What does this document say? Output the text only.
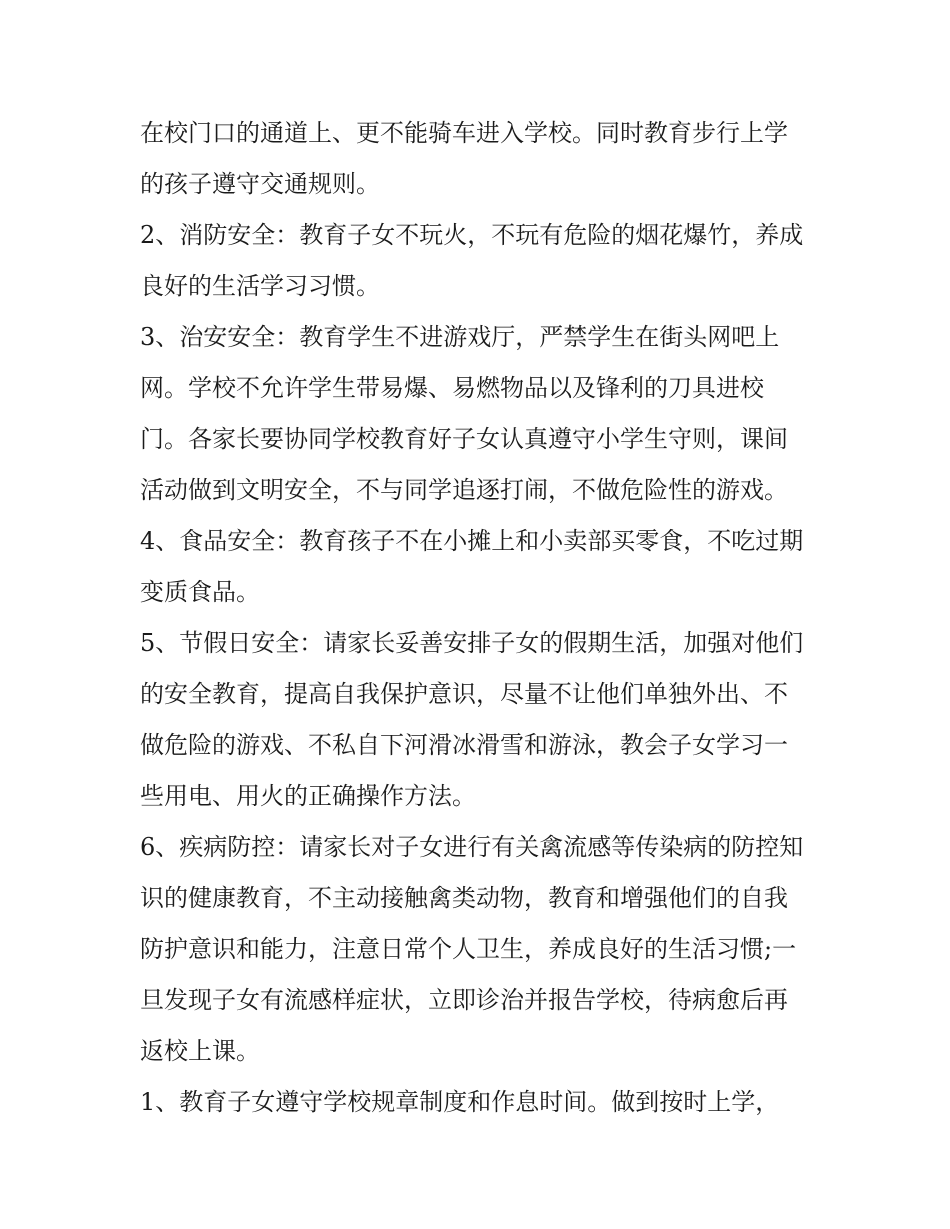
在校门口的通道上、更不能骑车进入学校。同时教育步行上学的孩子遵守交通规则。

2、消防安全：教育子女不玩火，不玩有危险的烟花爆竹，养成良好的生活学习习惯。

3、治安安全：教育学生不进游戏厅，严禁学生在街头网吧上网。学校不允许学生带易爆、易燃物品以及锋利的刀具进校门。各家长要协同学校教育好子女认真遵守小学生守则，课间活动做到文明安全，不与同学追逐打闹，不做危险性的游戏。

4、食品安全：教育孩子不在小摊上和小卖部买零食，不吃过期变质食品。

5、节假日安全：请家长妥善安排子女的假期生活，加强对他们的安全教育，提高自我保护意识，尽量不让他们单独外出、不做危险的游戏、不私自下河滑冰滑雪和游泳，教会子女学习一些用电、用火的正确操作方法。

6、疾病防控：请家长对子女进行有关禽流感等传染病的防控知识的健康教育，不主动接触禽类动物，教育和增强他们的自我防护意识和能力，注意日常个人卫生，养成良好的生活习惯;一旦发现子女有流感样症状，立即诊治并报告学校，待病愈后再返校上课。

1、教育子女遵守学校规章制度和作息时间。做到按时上学，
